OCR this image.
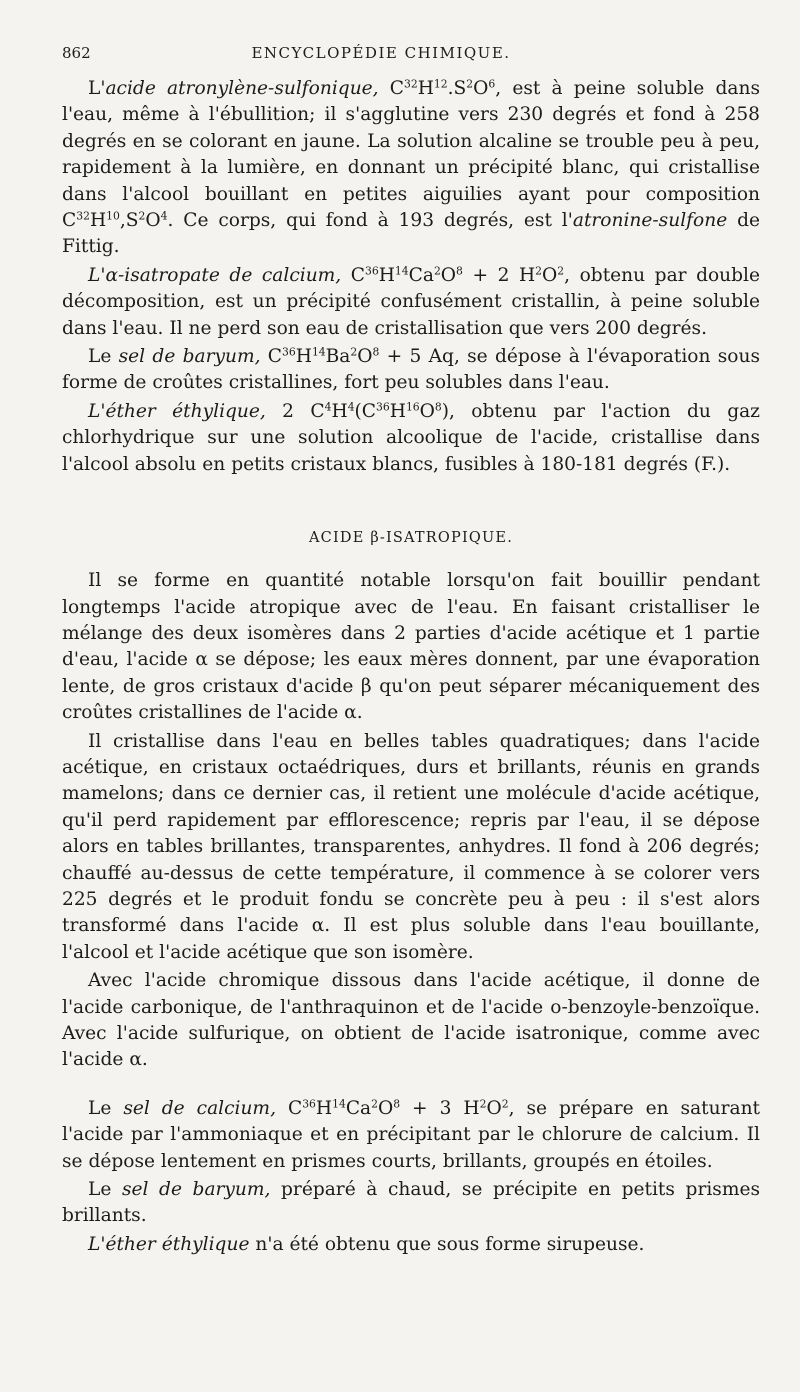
862	ENCYCLOPÉDIE CHIMIQUE.

L'acide atronylène-sulfonique, $C^{32}H^{12}.S^2O^6$, est à peine soluble dans l'eau, même à l'ébullition; il s'agglutine vers 230 degrés et fond à 258 degrés en se colorant en jaune. La solution alcaline se trouble peu à peu, rapidement à la lumière, en donnant un précipité blanc, qui cristallise dans l'alcool bouillant en petites aiguilies ayant pour composition $C^{32}H^{10},S^2O^4$. Ce corps, qui fond à 193 degrés, est l'atronine-sulfone de Fittig.

L'α-isatropate de calcium, $C^{36}H^{14}Ca^2O^8 + 2$ $H^2O^2$, obtenu par double décomposition, est un précipité confusément cristallin, à peine soluble dans l'eau. Il ne perd son eau de cristallisation que vers 200 degrés.

Le sel de baryum, $C^{36}H^{14}Ba^2O^8 + 5$ Aq, se dépose à l'évaporation sous forme de croûtes cristallines, fort peu solubles dans l'eau.

L'éther éthylique, 2 $C^4H^4(C^{36}H^{16}O^8)$, obtenu par l'action du gaz chlorhydrique sur une solution alcoolique de l'acide, cristallise dans l'alcool absolu en petits cristaux blancs, fusibles à 180-181 degrés (F.).

ACIDE β-ISATROPIQUE.

Il se forme en quantité notable lorsqu'on fait bouillir pendant longtemps l'acide atropique avec de l'eau. En faisant cristalliser le mélange des deux isomères dans 2 parties d'acide acétique et 1 partie d'eau, l'acide α se dépose; les eaux mères donnent, par une évaporation lente, de gros cristaux d'acide β qu'on peut séparer mécaniquement des croûtes cristallines de l'acide α.

Il cristallise dans l'eau en belles tables quadratiques; dans l'acide acétique, en cristaux octaédriques, durs et brillants, réunis en grands mamelons; dans ce dernier cas, il retient une molécule d'acide acétique, qu'il perd rapidement par efflorescence; repris par l'eau, il se dépose alors en tables brillantes, transparentes, anhydres. Il fond à 206 degrés; chauffé au-dessus de cette température, il commence à se colorer vers 225 degrés et le produit fondu se concrète peu à peu : il s'est alors transformé dans l'acide α. Il est plus soluble dans l'eau bouillante, l'alcool et l'acide acétique que son isomère.

Avec l'acide chromique dissous dans l'acide acétique, il donne de l'acide carbonique, de l'anthraquinon et de l'acide o-benzoyle-benzoïque. Avec l'acide sulfurique, on obtient de l'acide isatronique, comme avec l'acide α.

Le sel de calcium, $C^{36}H^{14}Ca^2O^8 + 3$ $H^2O^2$, se prépare en saturant l'acide par l'ammoniaque et en précipitant par le chlorure de calcium. Il se dépose lentement en prismes courts, brillants, groupés en étoiles.

Le sel de baryum, préparé à chaud, se précipite en petits prismes brillants.

L'éther éthylique n'a été obtenu que sous forme sirupeuse.
